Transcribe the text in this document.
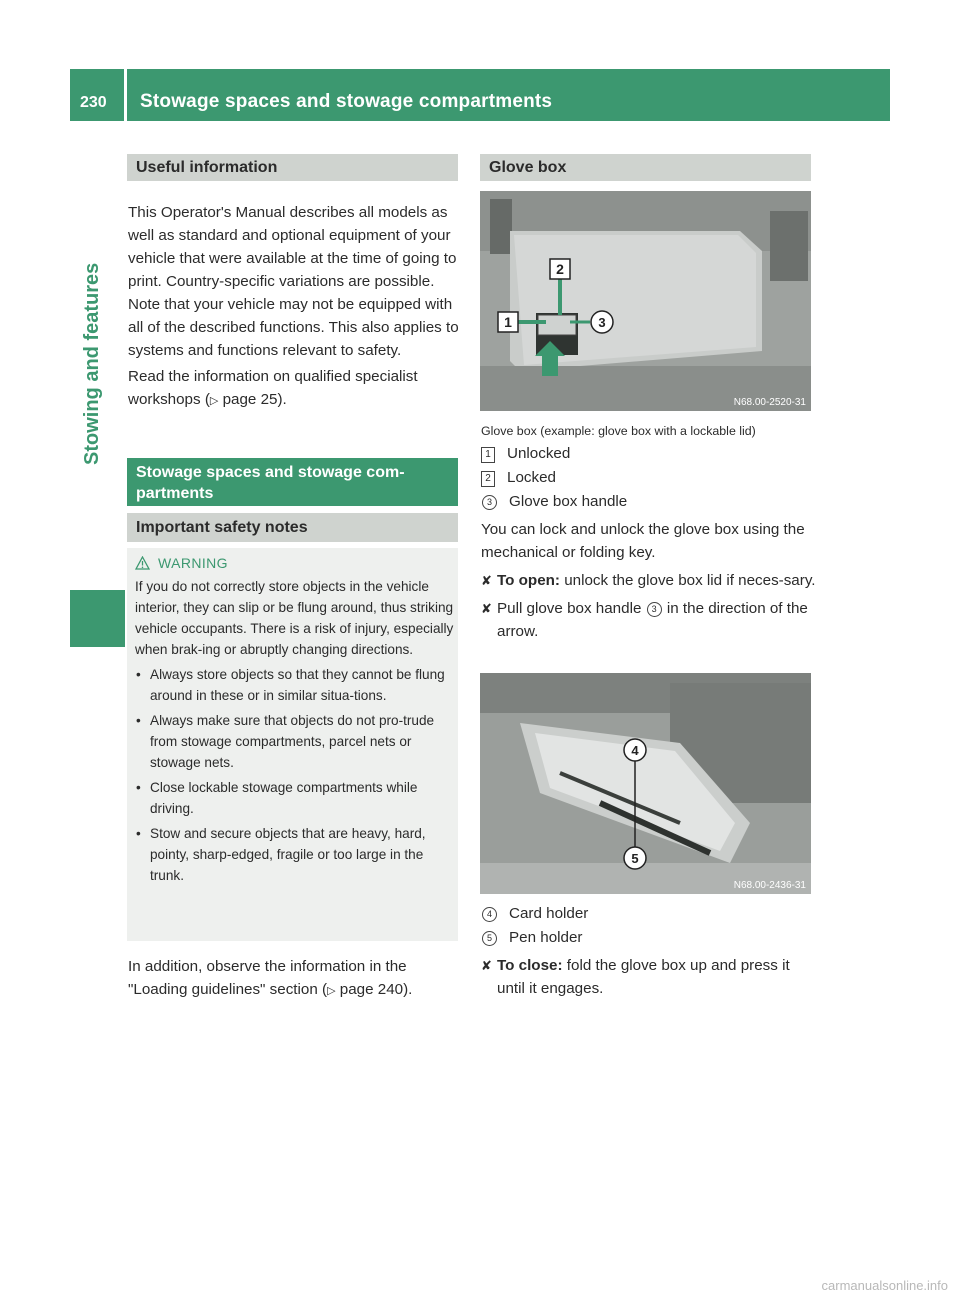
230	Stowage spaces and stowage compartments
Stowing and features
Useful information

This Operator's Manual describes all models as well as standard and optional equipment of your vehicle that were available at the time of going to print. Country-specific variations are possible. Note that your vehicle may not be equipped with all of the described functions. This also applies to systems and functions relevant to safety.

Read the information on qualified specialist workshops (▷ page 25).

Stowage spaces and stowage com-
partments
Important safety notes
WARNING

If you do not correctly store objects in the vehicle interior, they can slip or be flung around, thus striking vehicle occupants. There is a risk of injury, especially when brak-ing or abruptly changing directions.

• Always store objects so that they cannot be flung around in these or in similar situa-tions.
• Always make sure that objects do not pro-trude from stowage compartments, parcel nets or stowage nets.
• Close lockable stowage compartments while driving.
• Stow and secure objects that are heavy, hard, pointy, sharp-edged, fragile or too large in the trunk.
In addition, observe the information in the "Loading guidelines" section (▷ page 240).
Glove box
1
2
3
N68.00-2520-31
Glove box (example: glove box with a lockable lid)
1 Unlocked
2 Locked
3 Glove box handle

You can lock and unlock the glove box using the mechanical or folding key.

✘ To open: unlock the glove box lid if neces-sary.
✘ Pull glove box handle 3 in the direction of the arrow.
4
5
N68.00-2436-31
4 Card holder
5 Pen holder
✘ To close: fold the glove box up and press it until it engages.
carmanualsonline.info
